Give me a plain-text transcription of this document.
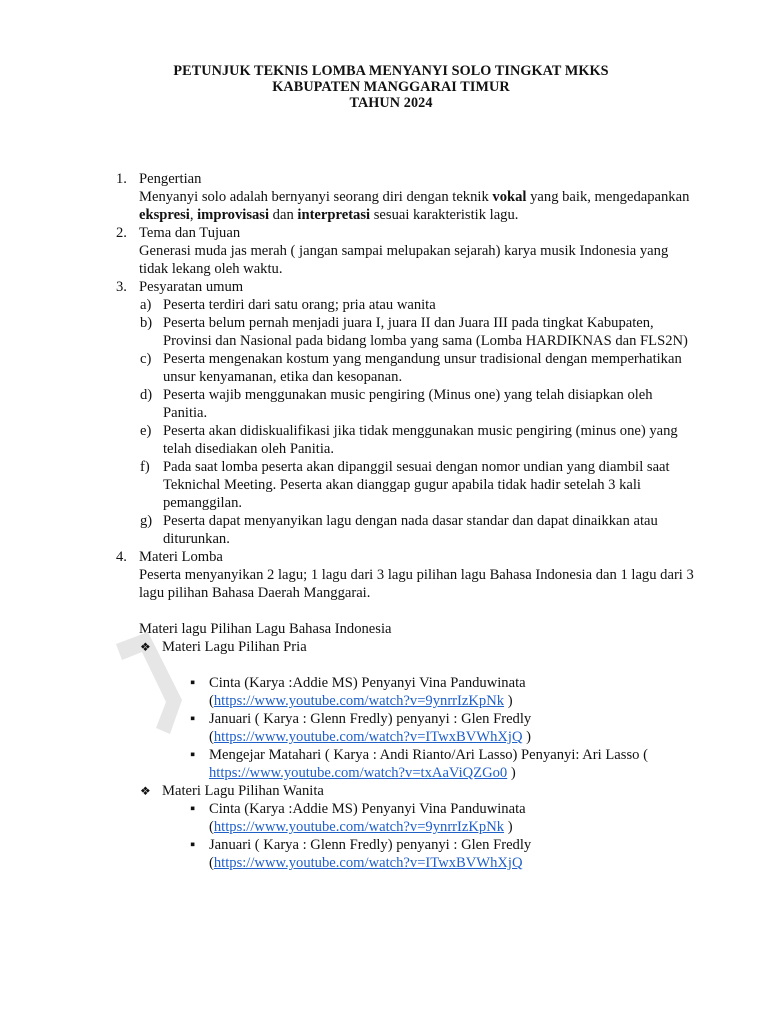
PETUNJUK TEKNIS LOMBA MENYANYI SOLO TINGKAT MKKS
KABUPATEN MANGGARAI TIMUR
TAHUN 2024
1. Pengertian
Menyanyi solo adalah bernyanyi seorang diri dengan teknik vokal yang baik, mengedapankan ekspresi, improvisasi dan interpretasi sesuai karakteristik lagu.
2. Tema dan Tujuan
Generasi muda jas merah ( jangan sampai melupakan sejarah) karya musik Indonesia yang tidak lekang oleh waktu.
3. Pesyaratan umum
a) Peserta terdiri dari satu orang; pria atau wanita
b) Peserta belum pernah menjadi juara I, juara II dan Juara III pada tingkat Kabupaten, Provinsi dan Nasional pada bidang lomba yang sama (Lomba HARDIKNAS dan FLS2N)
c) Peserta mengenakan kostum yang mengandung unsur tradisional dengan memperhatikan unsur kenyamanan, etika dan kesopanan.
d) Peserta wajib menggunakan music pengiring (Minus one) yang telah disiapkan oleh Panitia.
e) Peserta akan didiskualifikasi jika tidak menggunakan music pengiring (minus one) yang telah disediakan oleh Panitia.
f) Pada saat lomba peserta akan dipanggil sesuai dengan nomor undian yang diambil saat Teknichal Meeting. Peserta akan dianggap gugur apabila tidak hadir setelah 3 kali pemanggilan.
g) Peserta dapat menyanyikan lagu dengan nada dasar standar dan dapat dinaikkan atau diturunkan.
4. Materi Lomba
Peserta menyanyikan 2 lagu; 1 lagu dari 3 lagu pilihan lagu Bahasa Indonesia dan 1 lagu dari 3 lagu pilihan Bahasa Daerah Manggarai.
Materi lagu Pilihan Lagu Bahasa Indonesia
❖ Materi Lagu Pilihan Pria
▪ Cinta (Karya :Addie MS) Penyanyi Vina Panduwinata (https://www.youtube.com/watch?v=9ynrrIzKpNk )
▪ Januari ( Karya : Glenn Fredly) penyanyi : Glen Fredly (https://www.youtube.com/watch?v=ITwxBVWhXjQ )
▪ Mengejar Matahari ( Karya : Andi Rianto/Ari Lasso) Penyanyi: Ari Lasso ( https://www.youtube.com/watch?v=txAaViQZGo0 )
❖ Materi Lagu Pilihan Wanita
▪ Cinta (Karya :Addie MS) Penyanyi Vina Panduwinata (https://www.youtube.com/watch?v=9ynrrIzKpNk )
▪ Januari ( Karya : Glenn Fredly) penyanyi : Glen Fredly (https://www.youtube.com/watch?v=ITwxBVWhXjQ
